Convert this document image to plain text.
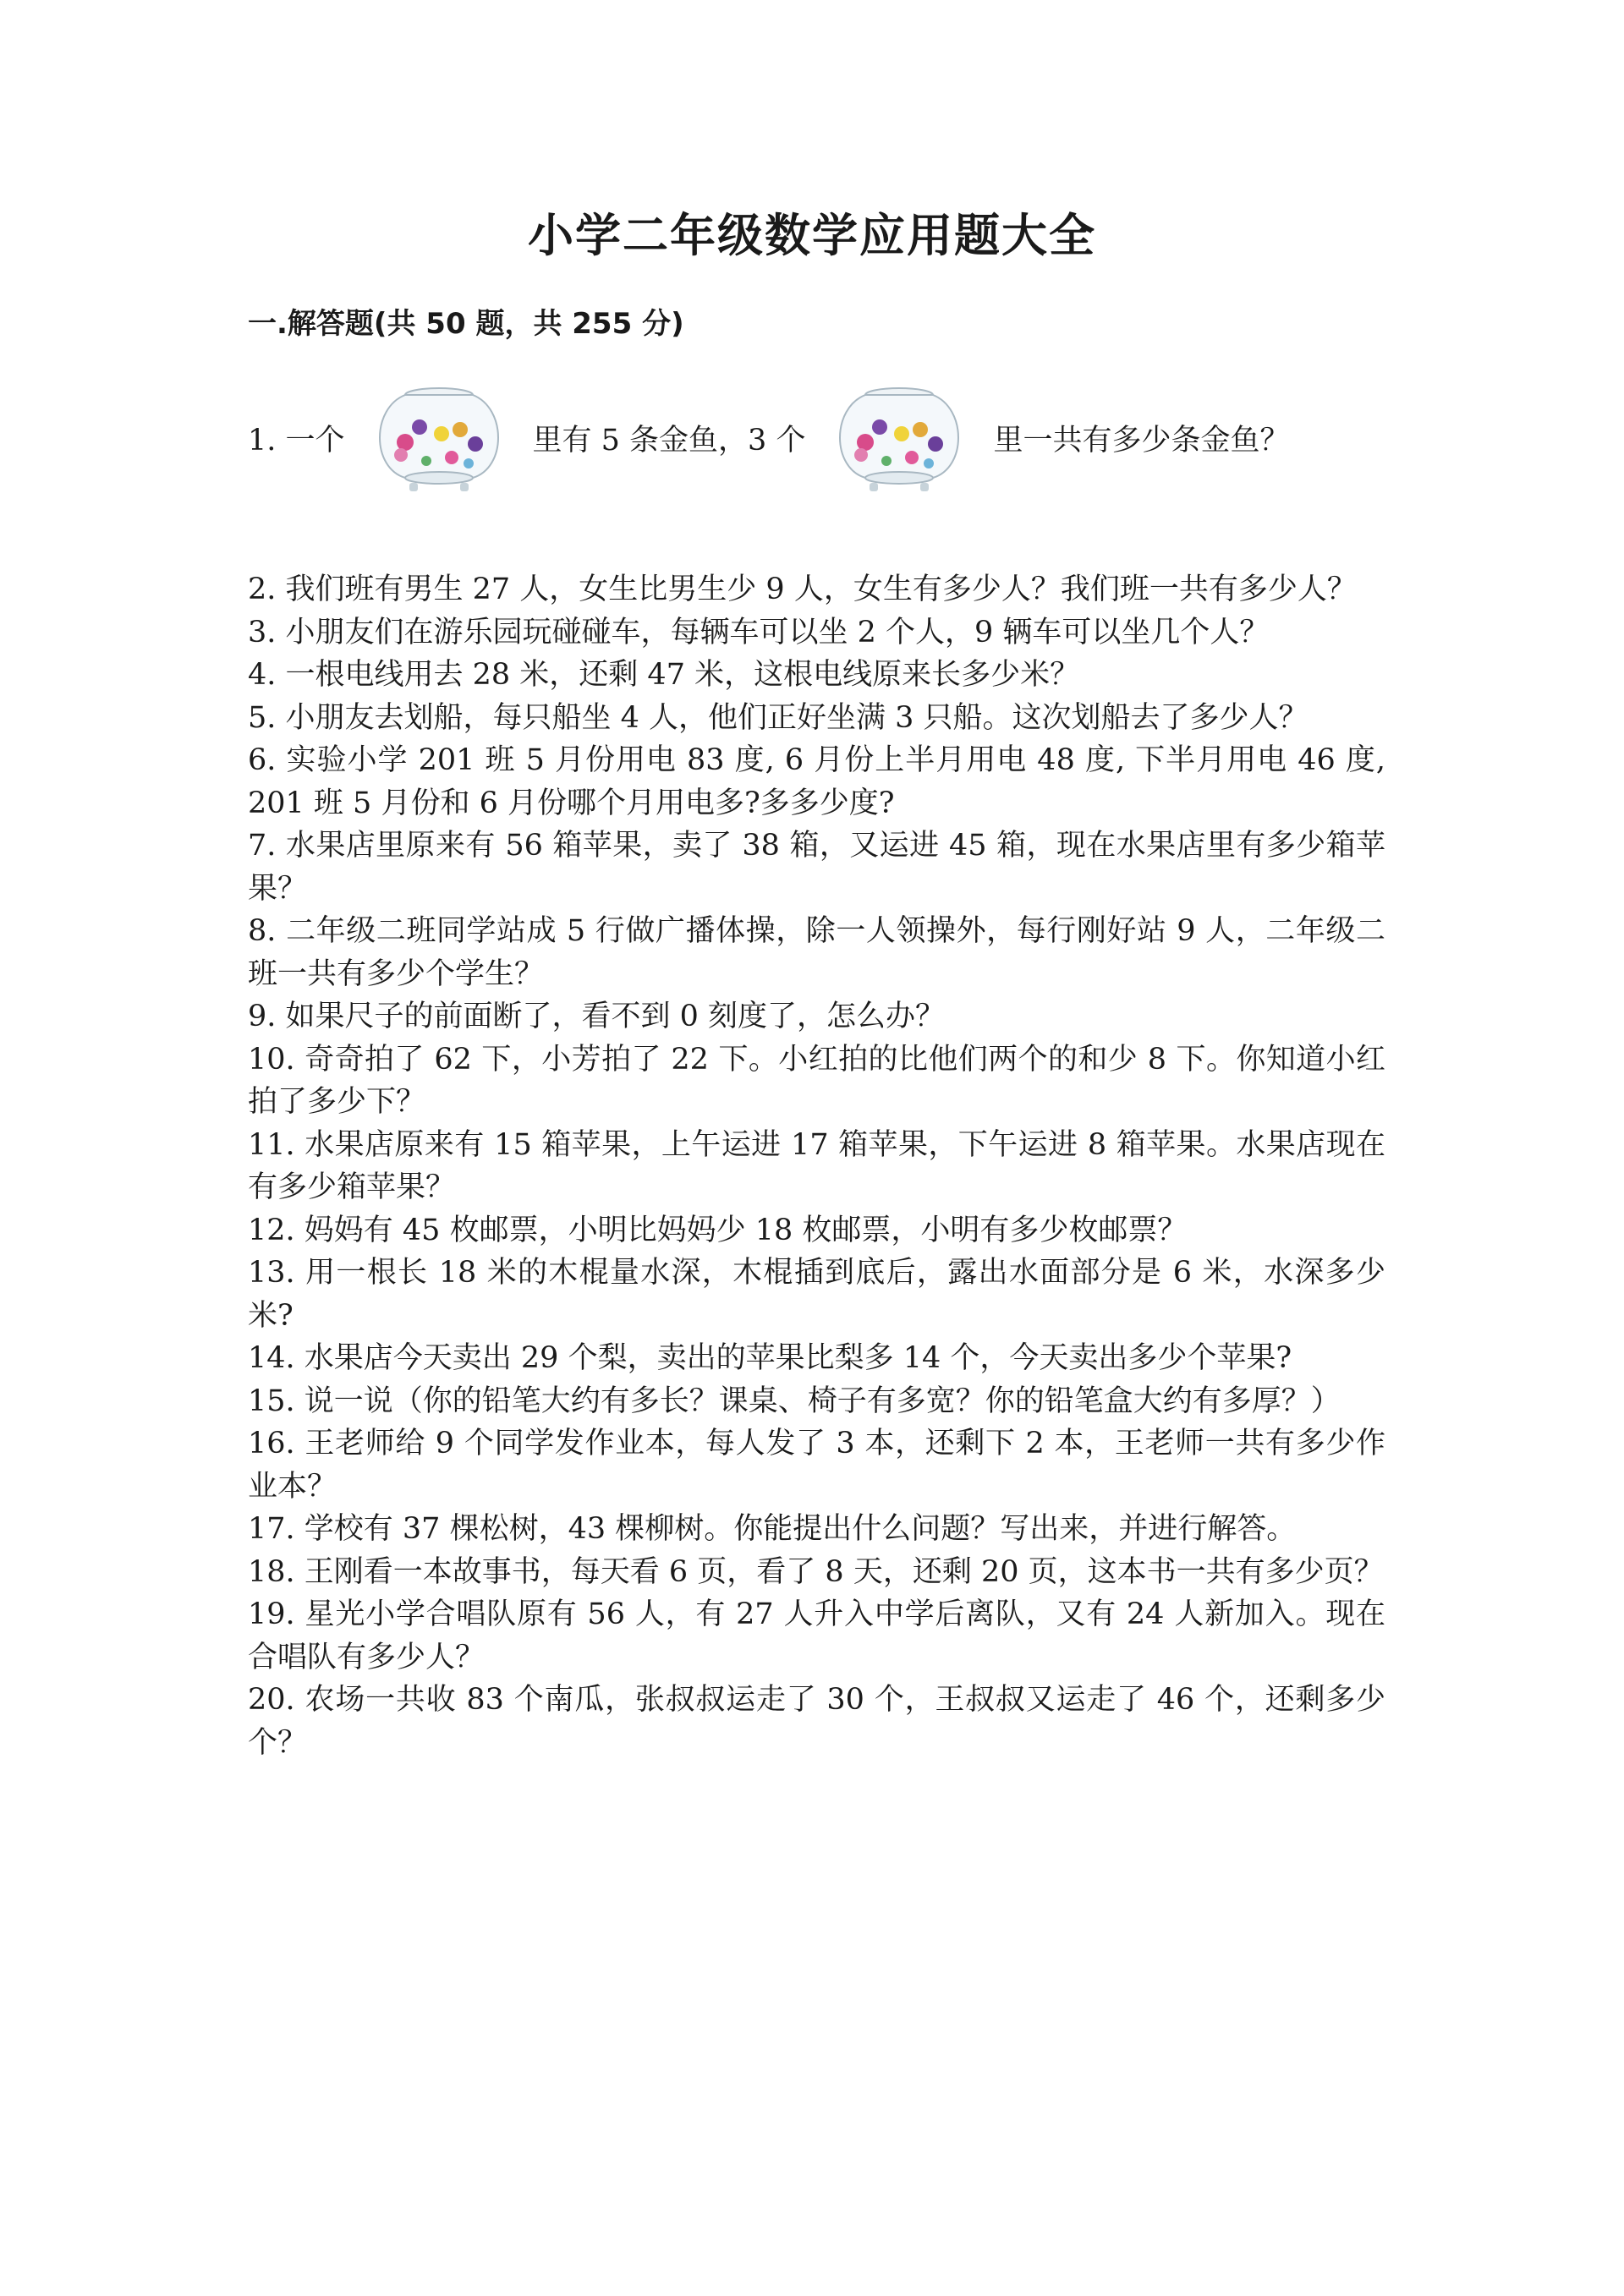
小学二年级数学应用题大全
一.解答题(共 50 题，共 255 分)
1. 一个	里有 5 条金鱼，3 个	里一共有多少条金鱼？
2. 我们班有男生 27 人，女生比男生少 9 人，女生有多少人？我们班一共有多少人？
3. 小朋友们在游乐园玩碰碰车，每辆车可以坐 2 个人，9 辆车可以坐几个人？
4. 一根电线用去 28 米，还剩 47 米，这根电线原来长多少米？
5. 小朋友去划船，每只船坐 4 人，他们正好坐满 3 只船。这次划船去了多少人？
6. 实验小学 201 班 5 月份用电 83 度, 6 月份上半月用电 48 度, 下半月用电 46 度, 201 班 5 月份和 6 月份哪个月用电多?多多少度?
7. 水果店里原来有 56 箱苹果，卖了 38 箱，又运进 45 箱，现在水果店里有多少箱苹果？
8. 二年级二班同学站成 5 行做广播体操，除一人领操外，每行刚好站 9 人，二年级二班一共有多少个学生？
9. 如果尺子的前面断了，看不到 0 刻度了，怎么办？
10. 奇奇拍了 62 下，小芳拍了 22 下。小红拍的比他们两个的和少 8 下。你知道小红拍了多少下？
11. 水果店原来有 15 箱苹果，上午运进 17 箱苹果，下午运进 8 箱苹果。水果店现在有多少箱苹果？
12. 妈妈有 45 枚邮票，小明比妈妈少 18 枚邮票，小明有多少枚邮票？
13. 用一根长 18 米的木棍量水深，木棍插到底后，露出水面部分是 6 米，水深多少米?
14. 水果店今天卖出 29 个梨，卖出的苹果比梨多 14 个，今天卖出多少个苹果?
15. 说一说（你的铅笔大约有多长？课桌、椅子有多宽？你的铅笔盒大约有多厚？）
16. 王老师给 9 个同学发作业本，每人发了 3 本，还剩下 2 本，王老师一共有多少作业本？
17. 学校有 37 棵松树，43 棵柳树。你能提出什么问题？写出来，并进行解答。
18. 王刚看一本故事书，每天看 6 页，看了 8 天，还剩 20 页，这本书一共有多少页？
19. 星光小学合唱队原有 56 人，有 27 人升入中学后离队，又有 24 人新加入。现在合唱队有多少人？
20. 农场一共收 83 个南瓜，张叔叔运走了 30 个，王叔叔又运走了 46 个，还剩多少个？
